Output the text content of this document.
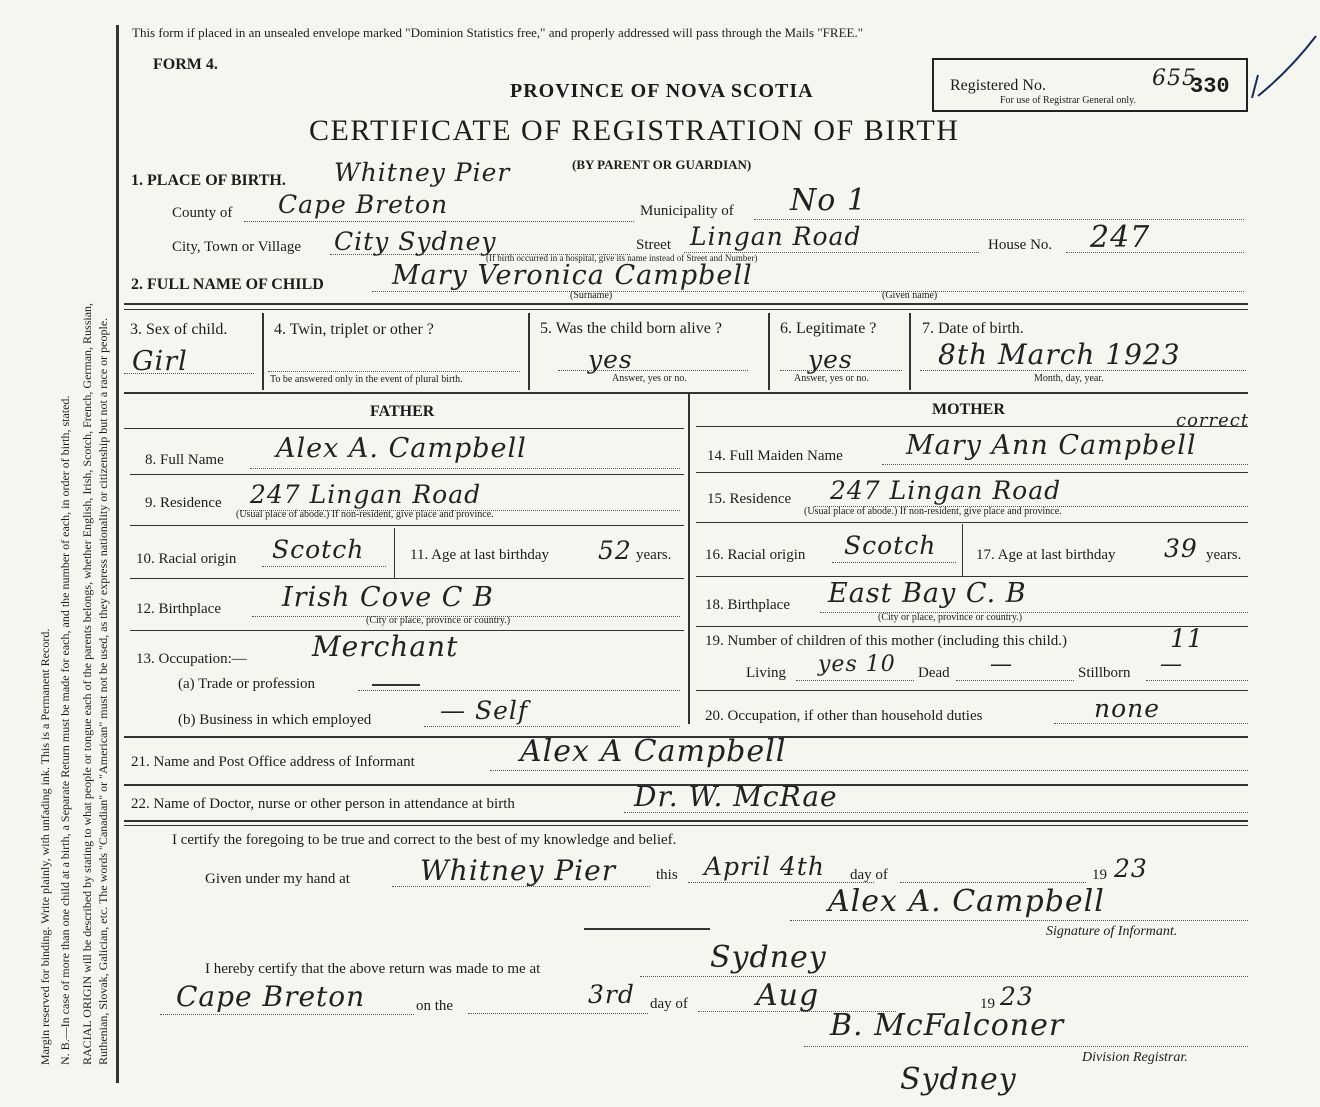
Margin reserved for binding. Write plainly, with unfading ink. This is a Permanent Record. N. B.—In case of more than one child at a birth, a Separate Return must be made for each, and the number of each, in order of birth, stated. RACIAL ORIGIN will be described by stating to what people or tongue each of the parents belongs, whether English, Irish, Scotch, French, German, Russian, Ruthenian, Slovak, Galician, etc. The words "Canadian" or "American" must not be used, as they express nationality or citizenship but not a race or people.
This form if placed in an unsealed envelope marked "Dominion Statistics free," and properly addressed will pass through the Mails "FREE."
FORM 4.
PROVINCE OF NOVA SCOTIA
CERTIFICATE OF REGISTRATION OF BIRTH
(BY PARENT OR GUARDIAN)
Registered No.	655
330
For use of Registrar General only.
1. PLACE OF BIRTH. Whitney Pier
County of Cape Breton	Municipality of No 1
City, Town or Village City Sydney
(If birth occurred in a hospital, give its name instead of Street and Number)
Street Lingan Road	House No. 247
2. FULL NAME OF CHILD	Mary Veronica Campbell
(Surname)	(Given name)
3. Sex of child.
Girl
4. Twin, triplet or other ?
To be answered only in the event of plural birth.
5. Was the child born alive ?
yes
Answer, yes or no.
6. Legitimate ?
yes
Answer, yes or no.
7. Date of birth.
8th March 1923
Month, day, year.
FATHER	MOTHER
8. Full Name Alex A. Campbell
9. Residence 247 Lingan Road
(Usual place of abode.) If non-resident, give place and province.
10. Racial origin Scotch	11. Age at last birthday 52 years.
12. Birthplace Irish Cove C B
(City or place, province or country.)
13. Occupation:— Merchant
(a) Trade or profession
(b) Business in which employed	— Self
14. Full Maiden Name Mary Ann Campbell
correct
15. Residence 247 Lingan Road
(Usual place of abode.) If non-resident, give place and province.
16. Racial origin Scotch	17. Age at last birthday 39 years.
18. Birthplace East Bay C. B
(City or place, province or country.)
19. Number of children of this mother (including this child.)	11
Living yes 10 Dead —	Stillborn —
20. Occupation, if other than household duties	none
21. Name and Post Office address of Informant	Alex A Campbell
22. Name of Doctor, nurse or other person in attendance at birth	Dr. W. McRae
I certify the foregoing to be true and correct to the best of my knowledge and belief.
Given under my hand at	Whitney Pier	this April 4th day of	19 23
Alex A. Campbell
Signature of Informant.
I hereby certify that the above return was made to me at	Sydney
Cape Breton	on the	3rd day of Aug	19 23
B. McFalconer
Division Registrar.
Sydney
